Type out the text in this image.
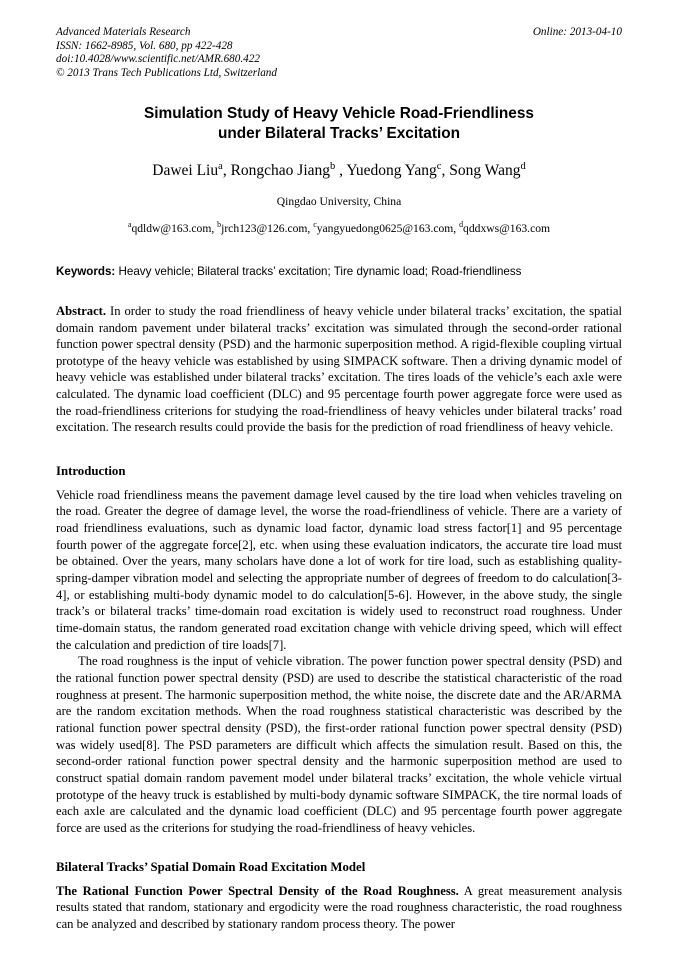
Advanced Materials Research
ISSN: 1662-8985, Vol. 680, pp 422-428
doi:10.4028/www.scientific.net/AMR.680.422
© 2013 Trans Tech Publications Ltd, Switzerland
Online: 2013-04-10
Simulation Study of Heavy Vehicle Road-Friendliness
under Bilateral Tracks’ Excitation
Dawei Liu$^a$, Rongchao Jiang$^b$ , Yuedong Yang$^c$, Song Wang$^d$
Qingdao University, China
$^a$qdldw@163.com, $^b$jrch123@126.com, $^c$yangyuedong0625@163.com, $^d$qddxws@163.com
Keywords: Heavy vehicle; Bilateral tracks’ excitation; Tire dynamic load; Road-friendliness
Abstract. In order to study the road friendliness of heavy vehicle under bilateral tracks’ excitation, the spatial domain random pavement under bilateral tracks’ excitation was simulated through the second-order rational function power spectral density (PSD) and the harmonic superposition method. A rigid-flexible coupling virtual prototype of the heavy vehicle was established by using SIMPACK software. Then a driving dynamic model of heavy vehicle was established under bilateral tracks’ excitation. The tires loads of the vehicle’s each axle were calculated. The dynamic load coefficient (DLC) and 95 percentage fourth power aggregate force were used as the road-friendliness criterions for studying the road-friendliness of heavy vehicles under bilateral tracks’ road excitation. The research results could provide the basis for the prediction of road friendliness of heavy vehicle.
Introduction

Vehicle road friendliness means the pavement damage level caused by the tire load when vehicles traveling on the road. Greater the degree of damage level, the worse the road-friendliness of vehicle. There are a variety of road friendliness evaluations, such as dynamic load factor, dynamic load stress factor[1] and 95 percentage fourth power of the aggregate force[2], etc. when using these evaluation indicators, the accurate tire load must be obtained. Over the years, many scholars have done a lot of work for tire load, such as establishing quality-spring-damper vibration model and selecting the appropriate number of degrees of freedom to do calculation[3-4], or establishing multi-body dynamic model to do calculation[5-6]. However, in the above study, the single track’s or bilateral tracks’ time-domain road excitation is widely used to reconstruct road roughness. Under time-domain status, the random generated road excitation change with vehicle driving speed, which will effect the calculation and prediction of tire loads[7].

The road roughness is the input of vehicle vibration. The power function power spectral density (PSD) and the rational function power spectral density (PSD) are used to describe the statistical characteristic of the road roughness at present. The harmonic superposition method, the white noise, the discrete date and the AR/ARMA are the random excitation methods. When the road roughness statistical characteristic was described by the rational function power spectral density (PSD), the first-order rational function power spectral density (PSD) was widely used[8]. The PSD parameters are difficult which affects the simulation result. Based on this, the second-order rational function power spectral density and the harmonic superposition method are used to construct spatial domain random pavement model under bilateral tracks’ excitation, the whole vehicle virtual prototype of the heavy truck is established by multi-body dynamic software SIMPACK, the tire normal loads of each axle are calculated and the dynamic load coefficient (DLC) and 95 percentage fourth power aggregate force are used as the criterions for studying the road-friendliness of heavy vehicles.

Bilateral Tracks’ Spatial Domain Road Excitation Model

The Rational Function Power Spectral Density of the Road Roughness. A great measurement analysis results stated that random, stationary and ergodicity were the road roughness characteristic, the road roughness can be analyzed and described by stationary random process theory. The power
